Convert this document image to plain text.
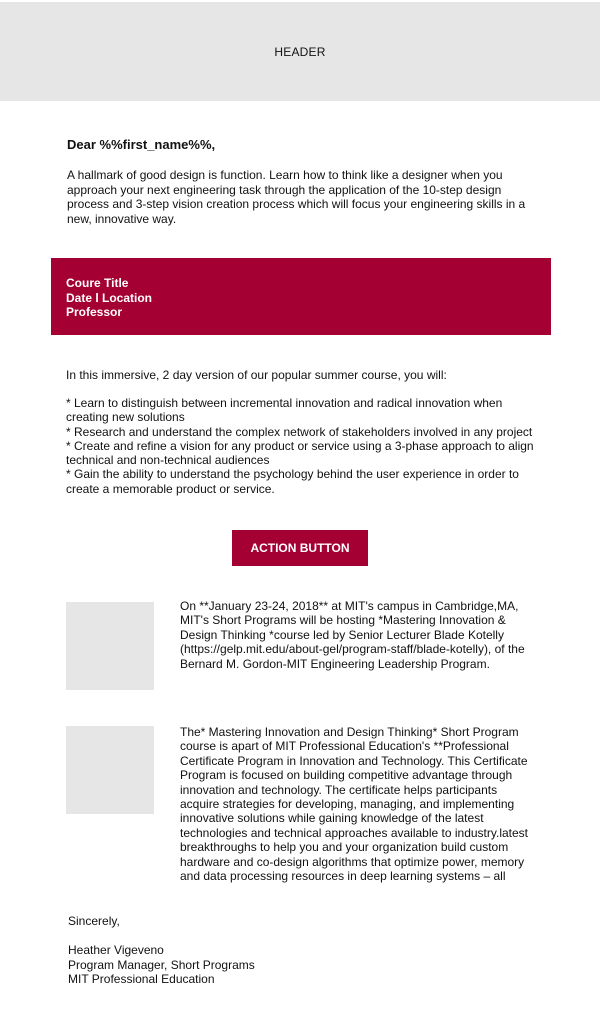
HEADER

Dear %%first_name%%,

A hallmark of good design is function. Learn how to think like a designer when you approach your next engineering task through the application of the 10-step design process and 3-step vision creation process which will focus your engineering skills in a new, innovative way.

Coure Title
Date l Location
Professor

In this immersive, 2 day version of our popular summer course, you will:

* Learn to distinguish between incremental innovation and radical innovation when creating new solutions
* Research and understand the complex network of stakeholders involved in any project
* Create and refine a vision for any product or service using a 3-phase approach to align technical and non-technical audiences
* Gain the ability to understand the psychology behind the user experience in order to create a memorable product or service.
ACTION BUTTON

On **January 23-24, 2018** at MIT's campus in Cambridge,MA, MIT's Short Programs will be hosting *Mastering Innovation & Design Thinking *course led by Senior Lecturer Blade Kotelly (https://gelp.mit.edu/about-gel/program-staff/blade-kotelly), of the Bernard M. Gordon-MIT Engineering Leadership Program.

The* Mastering Innovation and Design Thinking* Short Program course is apart of MIT Professional Education's **Professional Certificate Program in Innovation and Technology. This Certificate Program is focused on building competitive advantage through innovation and technology. The certificate helps participants acquire strategies for developing, managing, and implementing innovative solutions while gaining knowledge of the latest technologies and technical approaches available to industry.latest breakthroughs to help you and your organization build custom hardware and co-design algorithms that optimize power, memory and data processing resources in deep learning systems – all

Sincerely,

Heather Vigeveno
Program Manager, Short Programs
MIT Professional Education
